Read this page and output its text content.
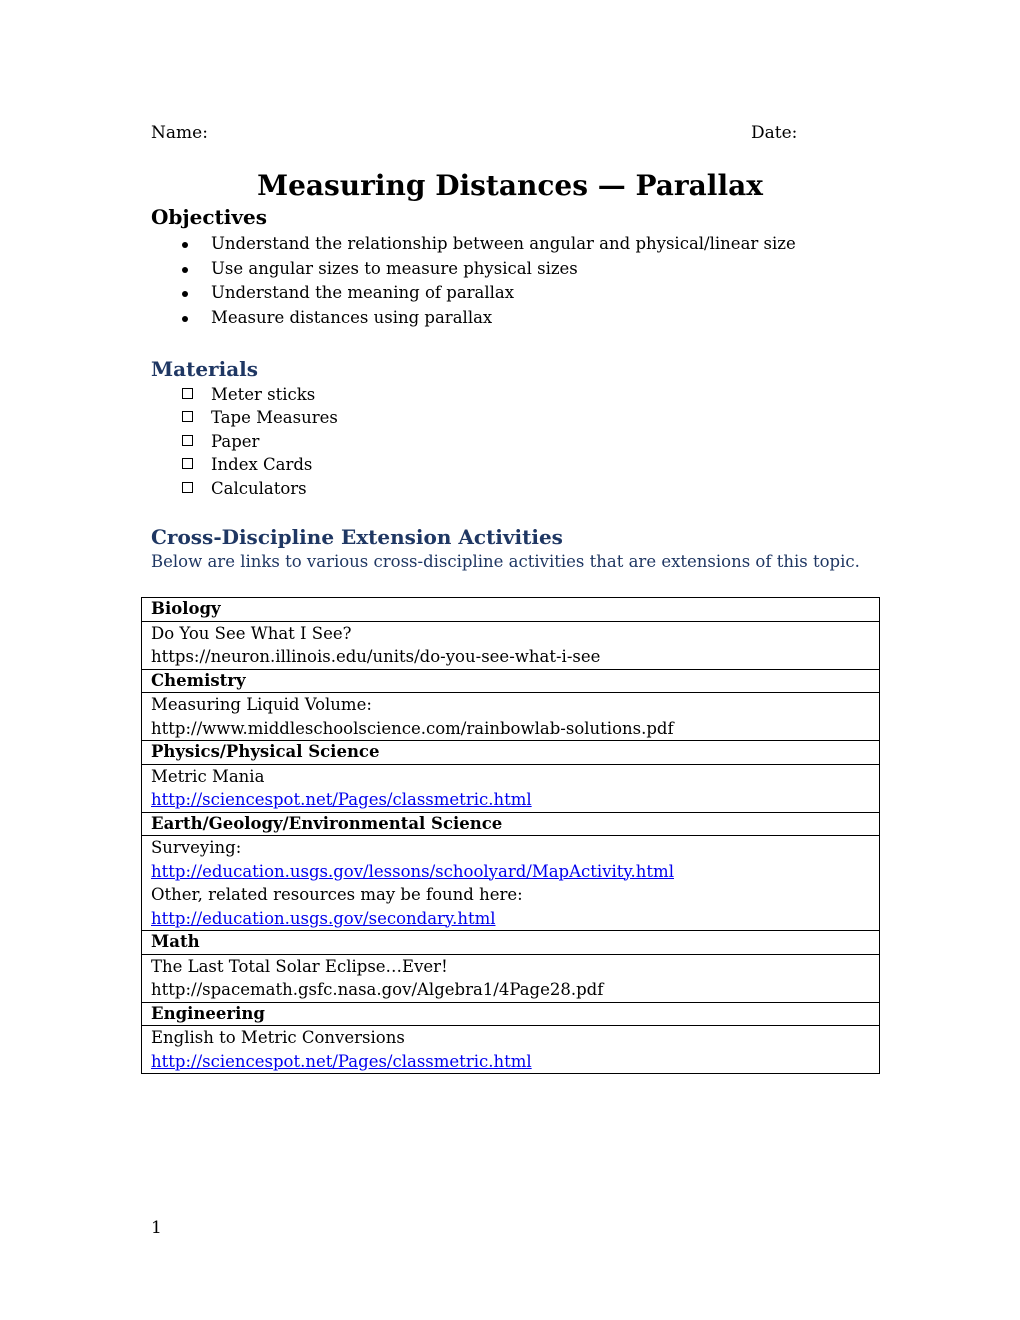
Name:	Date:
Measuring Distances — Parallax
Objectives
Understand the relationship between angular and physical/linear size
Use angular sizes to measure physical sizes
Understand the meaning of parallax
Measure distances using parallax
Materials
Meter sticks
Tape Measures
Paper
Index Cards
Calculators
Cross-Discipline Extension Activities
Below are links to various cross-discipline activities that are extensions of this topic.
Biology

Do You See What I See?
https://neuron.illinois.edu/units/do-you-see-what-i-see

Chemistry

Measuring Liquid Volume:
http://www.middleschoolscience.com/rainbowlab-solutions.pdf

Physics/Physical Science

Metric Mania
http://sciencespot.net/Pages/classmetric.html

Earth/Geology/Environmental Science

Surveying:
http://education.usgs.gov/lessons/schoolyard/MapActivity.html
Other, related resources may be found here:
http://education.usgs.gov/secondary.html

Math

The Last Total Solar Eclipse…Ever!
http://spacemath.gsfc.nasa.gov/Algebra1/4Page28.pdf

Engineering

English to Metric Conversions
http://sciencespot.net/Pages/classmetric.html
1
